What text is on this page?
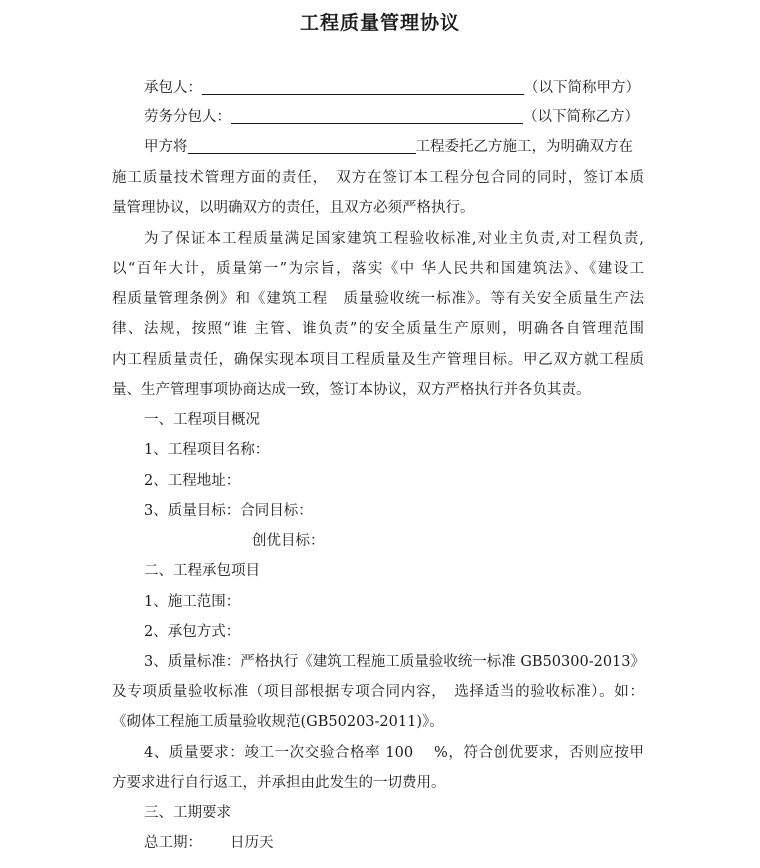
工程质量管理协议
承包人：	（以下简称甲方）
劳务分包人：	（以下简称乙方）
甲方将	工程委托乙方施工，为明确双方在
施工质量技术管理方面的责任，　双方在签订本工程分包合同的同时，签订本质
量管理协议，以明确双方的责任，且双方必须严格执行。
为了保证本工程质量满足国家建筑工程验收标准,对业主负责,对工程负责,
以“百年大计，质量第一”为宗旨，落实《中 华人民共和国建筑法》、《建设工
程质量管理条例》和《建筑工程　质量验收统一标准》。等有关安全质量生产法
律、法规，按照“谁 主管、谁负责”的安全质量生产原则，明确各自管理范围
内工程质量责任，确保实现本项目工程质量及生产管理目标。甲乙双方就工程质
量、生产管理事项协商达成一致，签订本协议，双方严格执行并各负其责。
一、工程项目概况
1、工程项目名称：
2、工程地址：
3、质量目标：合同目标：
创优目标：
二、工程承包项目
1、施工范围：
2、承包方式：
3、质量标准：严格执行《建筑工程施工质量验收统一标准 GB50300-2013》
及专项质量验收标准（项目部根据专项合同内容，　选择适当的验收标准）。如：
《砌体工程施工质量验收规范(GB50203-2011)》。
4、质量要求：竣工一次交验合格率 100　 %，符合创优要求，否则应按甲
方要求进行自行返工，并承担由此发生的一切费用。
三、工期要求
总工期： 日历天
